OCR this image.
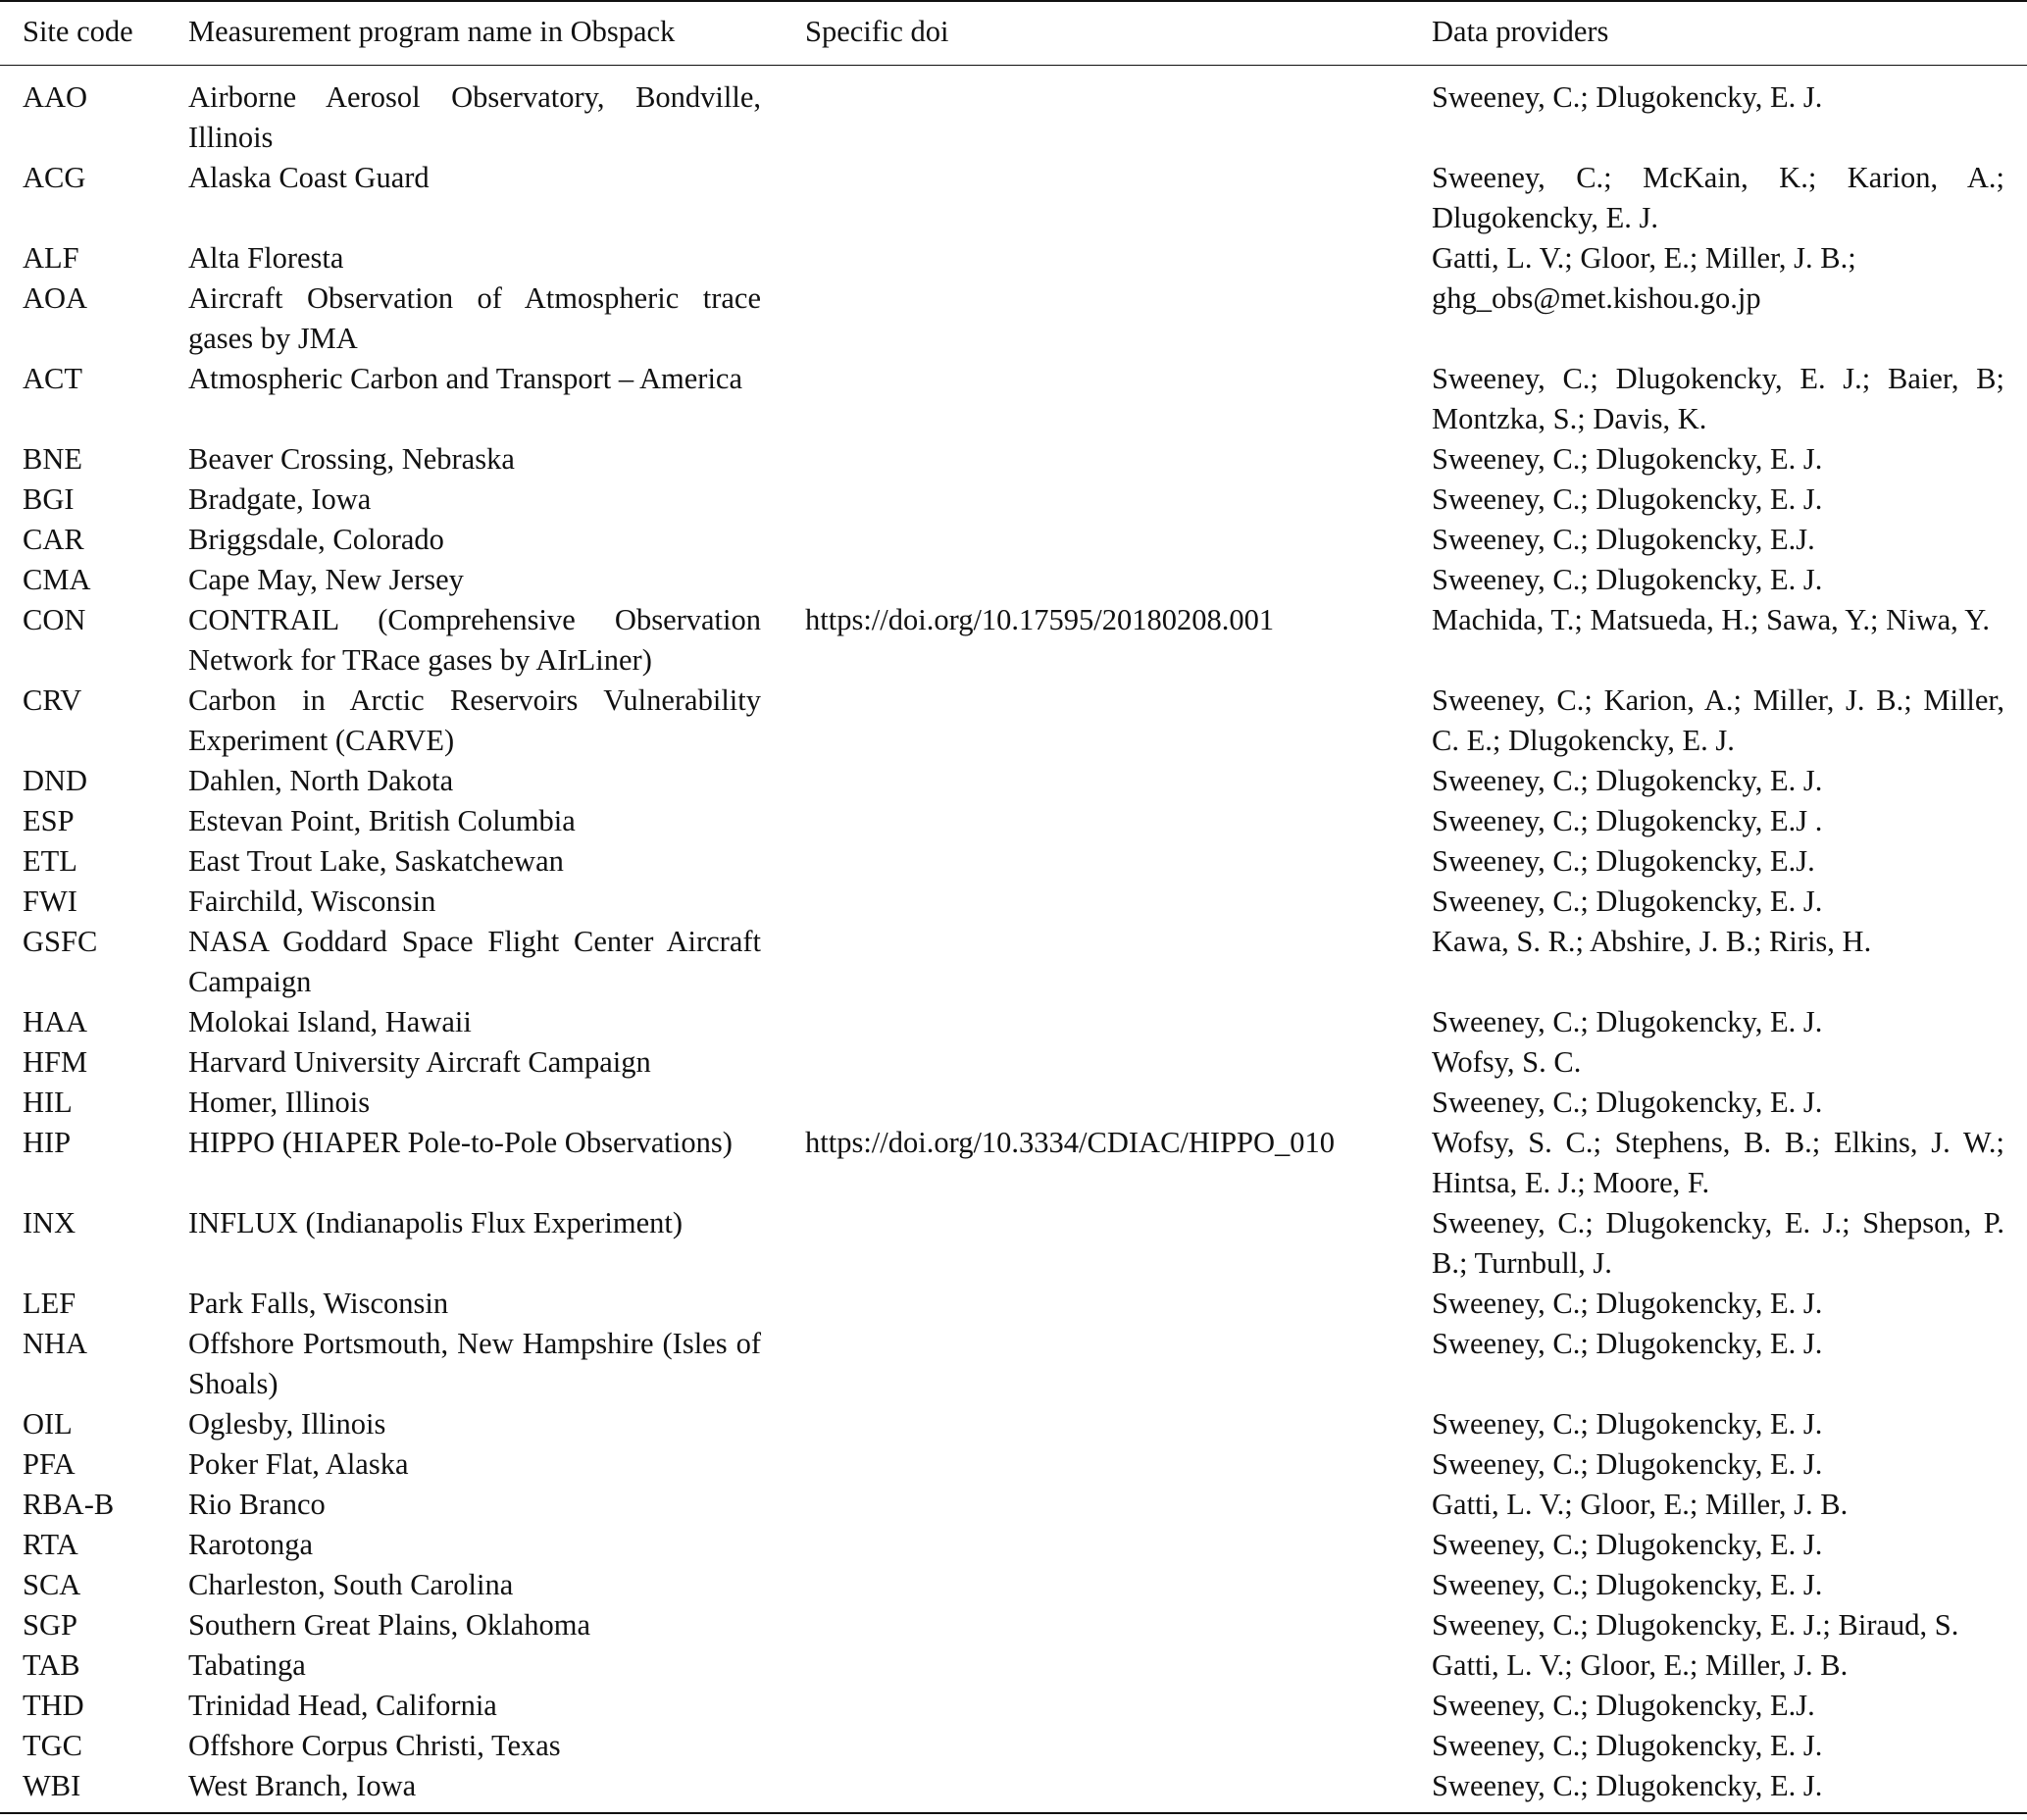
Site code	Measurement program name in Obspack	Specific doi	Data providers
AAO	Airborne Aerosol Observatory, Bondville, Illinois		Sweeney, C.; Dlugokencky, E. J.
ACG	Alaska Coast Guard		Sweeney, C.; McKain, K.; Karion, A.; Dlugokencky, E. J.
ALF	Alta Floresta		Gatti, L. V.; Gloor, E.; Miller, J. B.;
AOA	Aircraft Observation of Atmospheric trace gases by JMA		ghg_obs@met.kishou.go.jp
ACT	Atmospheric Carbon and Transport – America		Sweeney, C.; Dlugokencky, E. J.; Baier, B; Montzka, S.; Davis, K.
BNE	Beaver Crossing, Nebraska		Sweeney, C.; Dlugokencky, E. J.
BGI	Bradgate, Iowa		Sweeney, C.; Dlugokencky, E. J.
CAR	Briggsdale, Colorado		Sweeney, C.; Dlugokencky, E.J.
CMA	Cape May, New Jersey		Sweeney, C.; Dlugokencky, E. J.
CON	CONTRAIL (Comprehensive Observation Network for TRace gases by AIrLiner)	https://doi.org/10.17595/20180208.001	Machida, T.; Matsueda, H.; Sawa, Y.; Niwa, Y.
CRV	Carbon in Arctic Reservoirs Vulnerability Experiment (CARVE)		Sweeney, C.; Karion, A.; Miller, J. B.; Miller, C. E.; Dlugokencky, E. J.
DND	Dahlen, North Dakota		Sweeney, C.; Dlugokencky, E. J.
ESP	Estevan Point, British Columbia		Sweeney, C.; Dlugokencky, E.J .
ETL	East Trout Lake, Saskatchewan		Sweeney, C.; Dlugokencky, E.J.
FWI	Fairchild, Wisconsin		Sweeney, C.; Dlugokencky, E. J.
GSFC	NASA Goddard Space Flight Center Aircraft Campaign		Kawa, S. R.; Abshire, J. B.; Riris, H.
HAA	Molokai Island, Hawaii		Sweeney, C.; Dlugokencky, E. J.
HFM	Harvard University Aircraft Campaign		Wofsy, S. C.
HIL	Homer, Illinois		Sweeney, C.; Dlugokencky, E. J.
HIP	HIPPO (HIAPER Pole-to-Pole Observations)	https://doi.org/10.3334/CDIAC/HIPPO_010	Wofsy, S. C.; Stephens, B. B.; Elkins, J. W.; Hintsa, E. J.; Moore, F.
INX	INFLUX (Indianapolis Flux Experiment)		Sweeney, C.; Dlugokencky, E. J.; Shepson, P. B.; Turnbull, J.
LEF	Park Falls, Wisconsin		Sweeney, C.; Dlugokencky, E. J.
NHA	Offshore Portsmouth, New Hampshire (Isles of Shoals)		Sweeney, C.; Dlugokencky, E. J.
OIL	Oglesby, Illinois		Sweeney, C.; Dlugokencky, E. J.
PFA	Poker Flat, Alaska		Sweeney, C.; Dlugokencky, E. J.
RBA-B	Rio Branco		Gatti, L. V.; Gloor, E.; Miller, J. B.
RTA	Rarotonga		Sweeney, C.; Dlugokencky, E. J.
SCA	Charleston, South Carolina		Sweeney, C.; Dlugokencky, E. J.
SGP	Southern Great Plains, Oklahoma		Sweeney, C.; Dlugokencky, E. J.; Biraud, S.
TAB	Tabatinga		Gatti, L. V.; Gloor, E.; Miller, J. B.
THD	Trinidad Head, California		Sweeney, C.; Dlugokencky, E.J.
TGC	Offshore Corpus Christi, Texas		Sweeney, C.; Dlugokencky, E. J.
WBI	West Branch, Iowa		Sweeney, C.; Dlugokencky, E. J.
